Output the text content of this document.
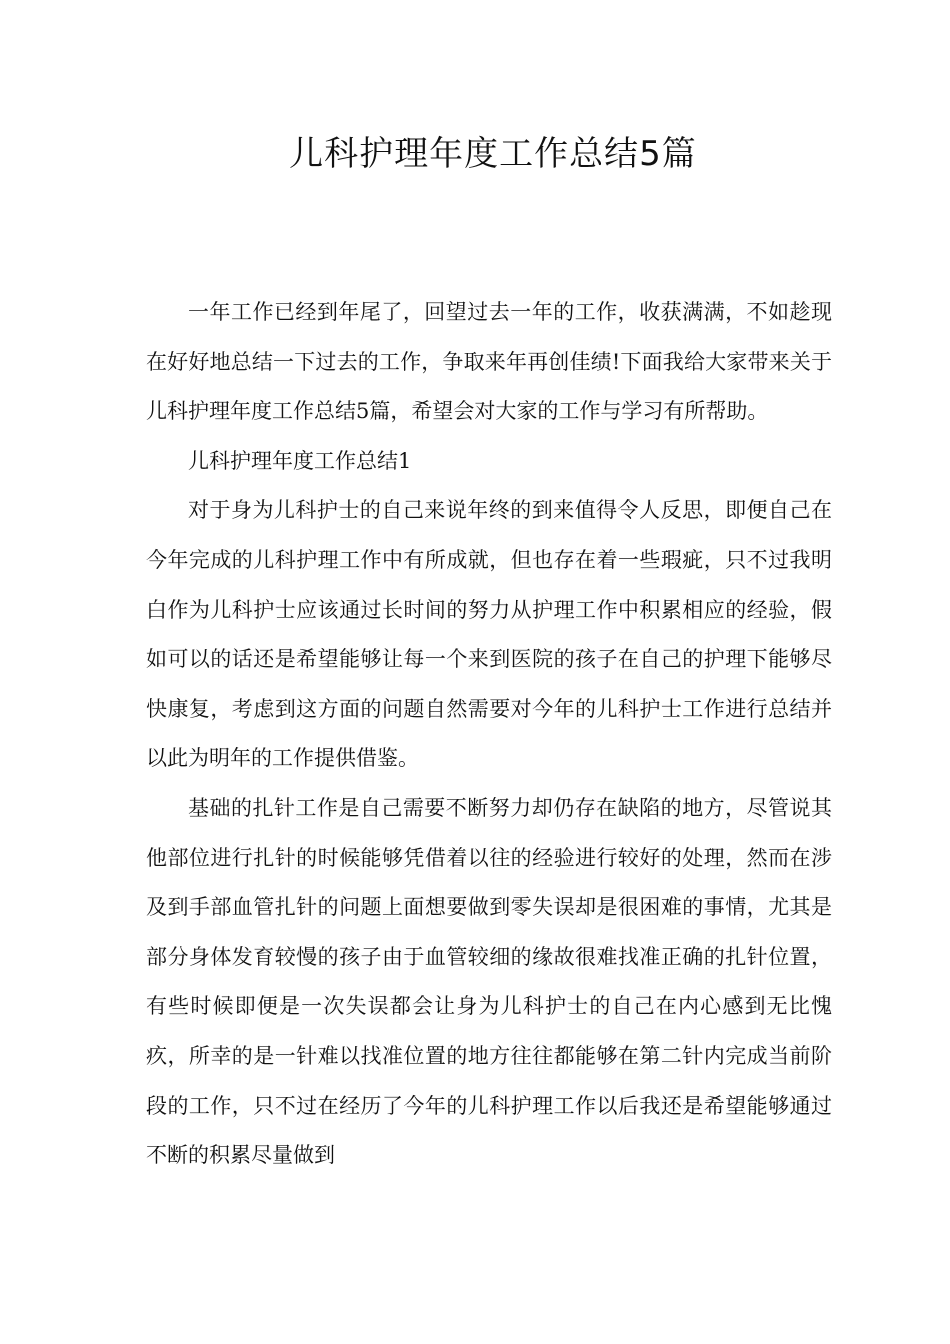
儿科护理年度工作总结5篇

一年工作已经到年尾了，回望过去一年的工作，收获满满，不如趁现在好好地总结一下过去的工作，争取来年再创佳绩!下面我给大家带来关于儿科护理年度工作总结5篇，希望会对大家的工作与学习有所帮助。

儿科护理年度工作总结1

对于身为儿科护士的自己来说年终的到来值得令人反思，即便自己在今年完成的儿科护理工作中有所成就，但也存在着一些瑕疵，只不过我明白作为儿科护士应该通过长时间的努力从护理工作中积累相应的经验，假如可以的话还是希望能够让每一个来到医院的孩子在自己的护理下能够尽快康复，考虑到这方面的问题自然需要对今年的儿科护士工作进行总结并以此为明年的工作提供借鉴。

基础的扎针工作是自己需要不断努力却仍存在缺陷的地方，尽管说其他部位进行扎针的时候能够凭借着以往的经验进行较好的处理，然而在涉及到手部血管扎针的问题上面想要做到零失误却是很困难的事情，尤其是部分身体发育较慢的孩子由于血管较细的缘故很难找准正确的扎针位置，有些时候即便是一次失误都会让身为儿科护士的自己在内心感到无比愧疚，所幸的是一针难以找准位置的地方往往都能够在第二针内完成当前阶段的工作，只不过在经历了今年的儿科护理工作以后我还是希望能够通过不断的积累尽量做到
